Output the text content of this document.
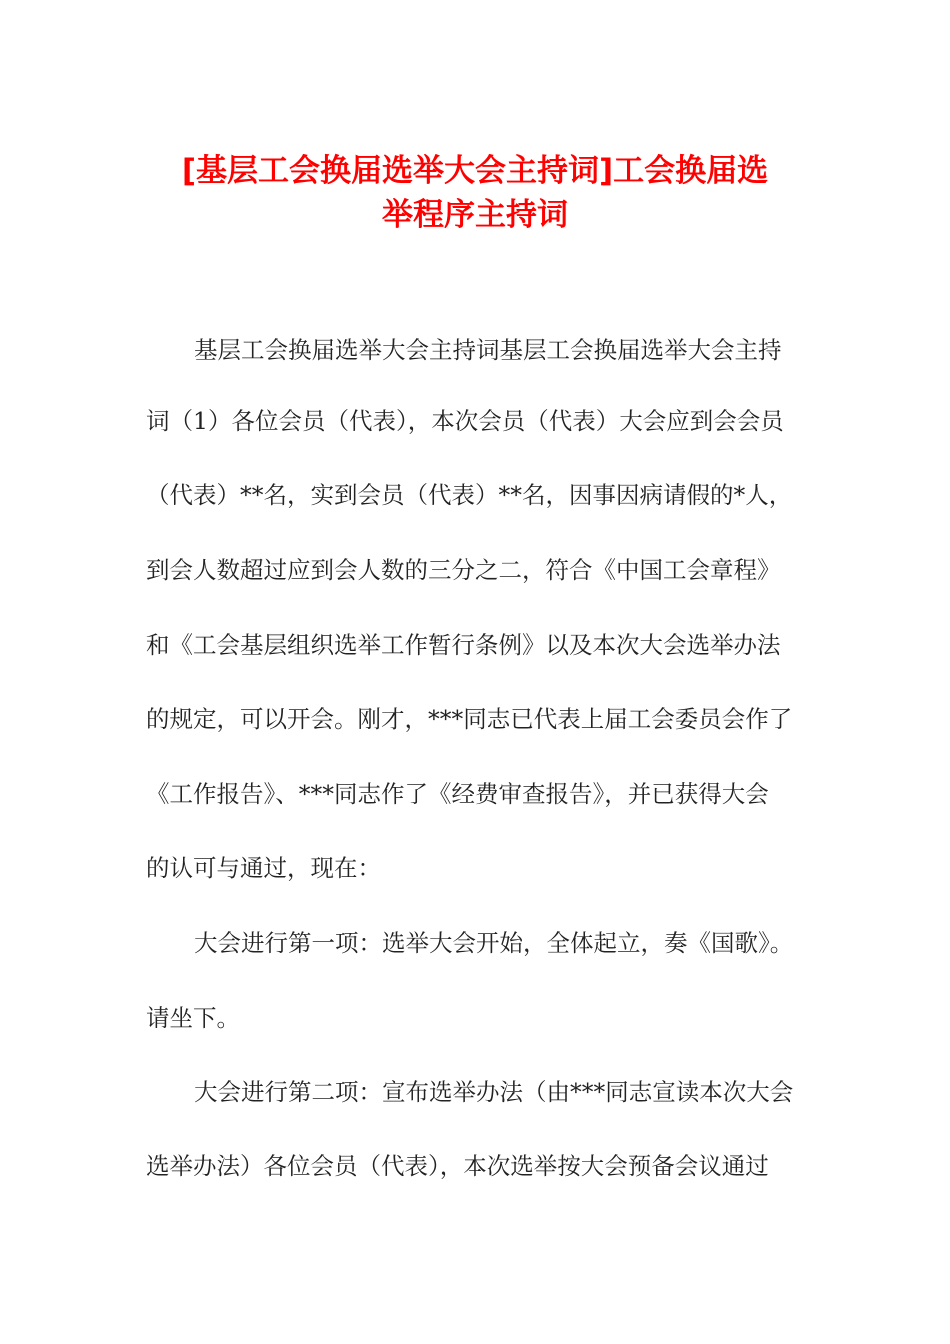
[基层工会换届选举大会主持词]工会换届选
举程序主持词

基层工会换届选举大会主持词基层工会换届选举大会主持

词（1）各位会员（代表），本次会员（代表）大会应到会会员

（代表）**名，实到会员（代表）**名，因事因病请假的*人，

到会人数超过应到会人数的三分之二，符合《中国工会章程》

和《工会基层组织选举工作暂行条例》以及本次大会选举办法

的规定，可以开会。刚才，***同志已代表上届工会委员会作了

《工作报告》、***同志作了《经费审查报告》，并已获得大会

的认可与通过，现在：

大会进行第一项：选举大会开始，全体起立，奏《国歌》。

请坐下。

大会进行第二项：宣布选举办法（由***同志宣读本次大会

选举办法）各位会员（代表），本次选举按大会预备会议通过
